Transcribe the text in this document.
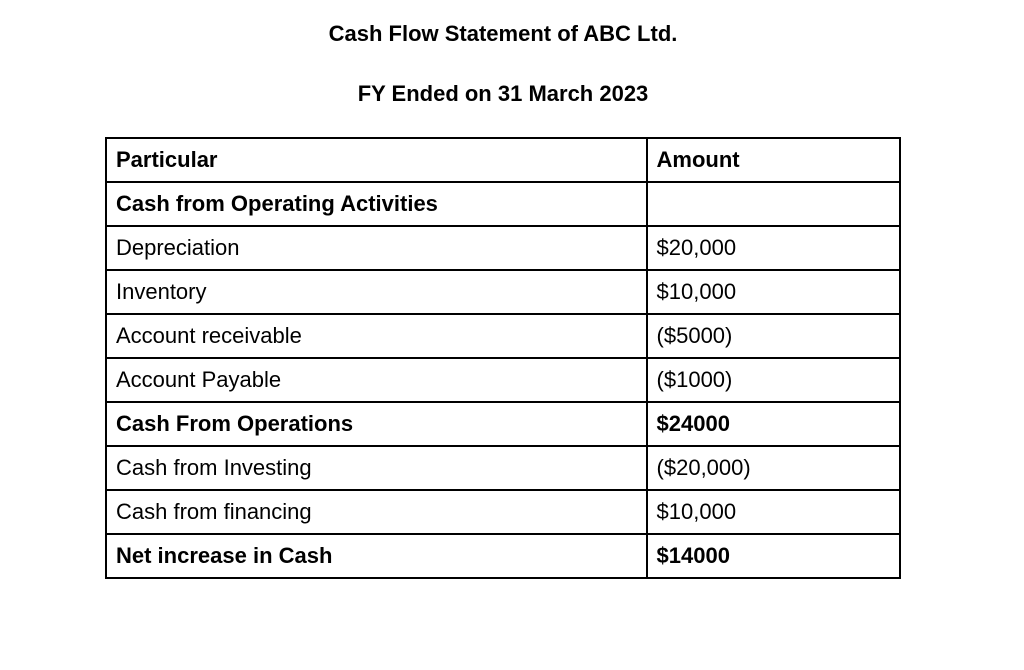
Cash Flow Statement of ABC Ltd.
FY Ended on 31 March 2023
Particular	Amount
Cash from Operating Activities	
Depreciation	$20,000
Inventory	$10,000
Account receivable	($5000)
Account Payable	($1000)
Cash From Operations	$24000
Cash from Investing	($20,000)
Cash from financing	$10,000
Net increase in Cash	$14000
